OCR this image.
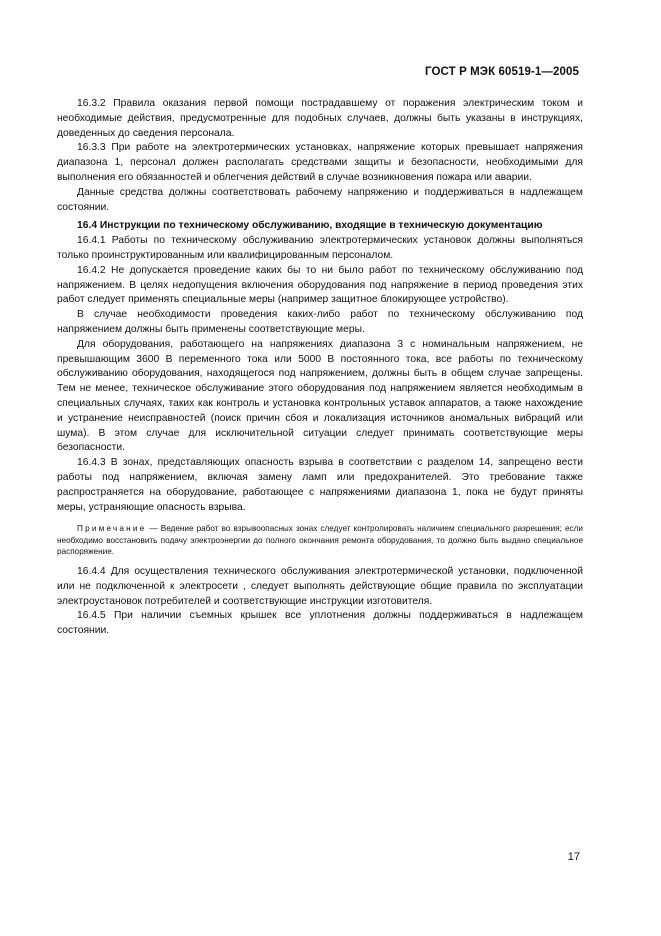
ГОСТ Р МЭК 60519-1—2005

16.3.2 Правила оказания первой помощи пострадавшему от поражения электрическим током и необходимые действия, предусмотренные для подобных случаев, должны быть указаны в инструкциях, доведенных до сведения персонала.

16.3.3 При работе на электротермических установках, напряжение которых превышает напряжения диапазона 1, персонал должен располагать средствами защиты и безопасности, необходимыми для выполнения его обязанностей и облегчения действий в случае возникновения пожара или аварии.

Данные средства должны соответствовать рабочему напряжению и поддерживаться в надлежащем состоянии.

16.4 Инструкции по техническому обслуживанию, входящие в техническую документацию

16.4.1 Работы по техническому обслуживанию электротермических установок должны выполняться только проинструктированным или квалифицированным персоналом.

16.4.2 Не допускается проведение каких бы то ни было работ по техническому обслуживанию под напряжением. В целях недопущения включения оборудования под напряжение в период проведения этих работ следует применять специальные меры (например защитное блокирующее устройство).

В случае необходимости проведения каких-либо работ по техническому обслуживанию под напряжением должны быть применены соответствующие меры.

Для оборудования, работающего на напряжениях диапазона 3 с номинальным напряжением, не превышающим 3600 В переменного тока или 5000 В постоянного тока, все работы по техническому обслуживанию оборудования, находящегося под напряжением, должны быть в общем случае запрещены. Тем не менее, техническое обслуживание этого оборудования под напряжением является необходимым в специальных случаях, таких как контроль и установка контрольных уставок аппаратов, а также нахождение и устранение неисправностей (поиск причин сбоя и локализация источников аномальных вибраций или шума). В этом случае для исключительной ситуации следует принимать соответствующие меры безопасности.

16.4.3 В зонах, представляющих опасность взрыва в соответствии с разделом 14, запрещено вести работы под напряжением, включая замену ламп или предохранителей. Это требование также распространяется на оборудование, работающее с напряжениями диапазона 1, пока не будут приняты меры, устраняющие опасность взрыва.

Примечание — Ведение работ во взрывоопасных зонах следует контролировать наличием специального разрешения; если необходимо восстановить подачу электроэнергии до полного окончания ремонта оборудования, то должно быть выдано специальное распоряжение.

16.4.4 Для осуществления технического обслуживания электротермической установки, подключенной или не подключенной к электросети , следует выполнять действующие общие правила по эксплуатации электроустановок потребителей и соответствующие инструкции изготовителя.

16.4.5 При наличии съемных крышек все уплотнения должны поддерживаться в надлежащем состоянии.

17
